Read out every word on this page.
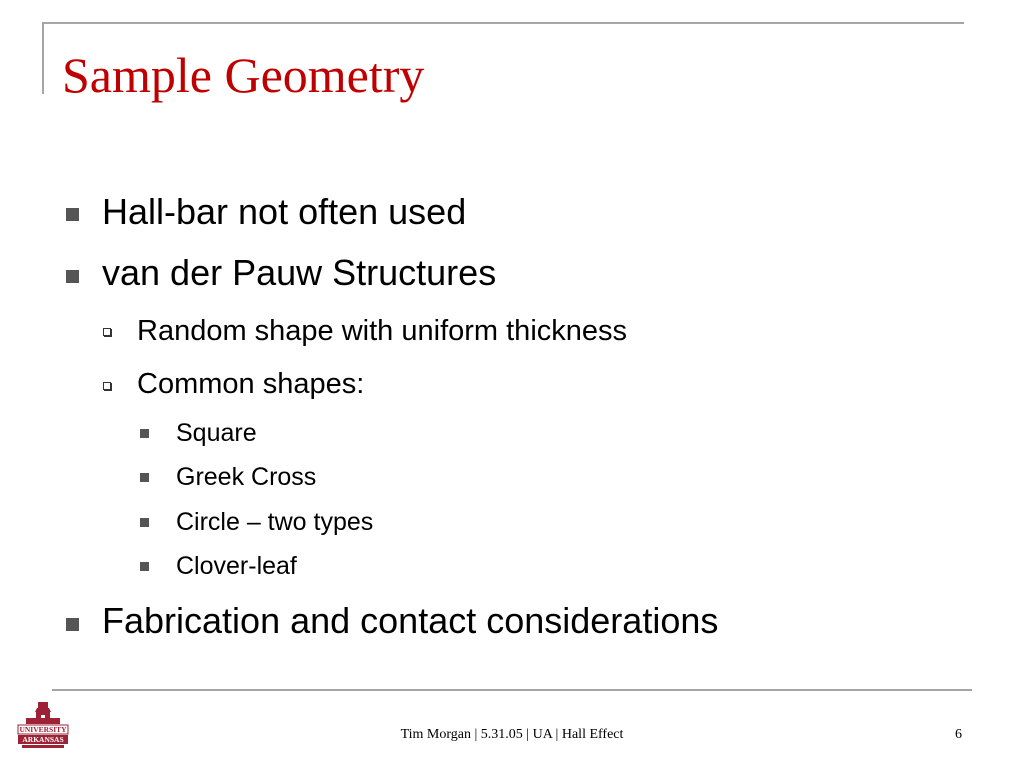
Sample Geometry
Hall-bar not often used
van der Pauw Structures
Random shape with uniform thickness
Common shapes:
Square
Greek Cross
Circle – two types
Clover-leaf
Fabrication and contact considerations
UNIVERSITY
ARKANSAS	Tim Morgan | 5.31.05 | UA | Hall Effect	6
